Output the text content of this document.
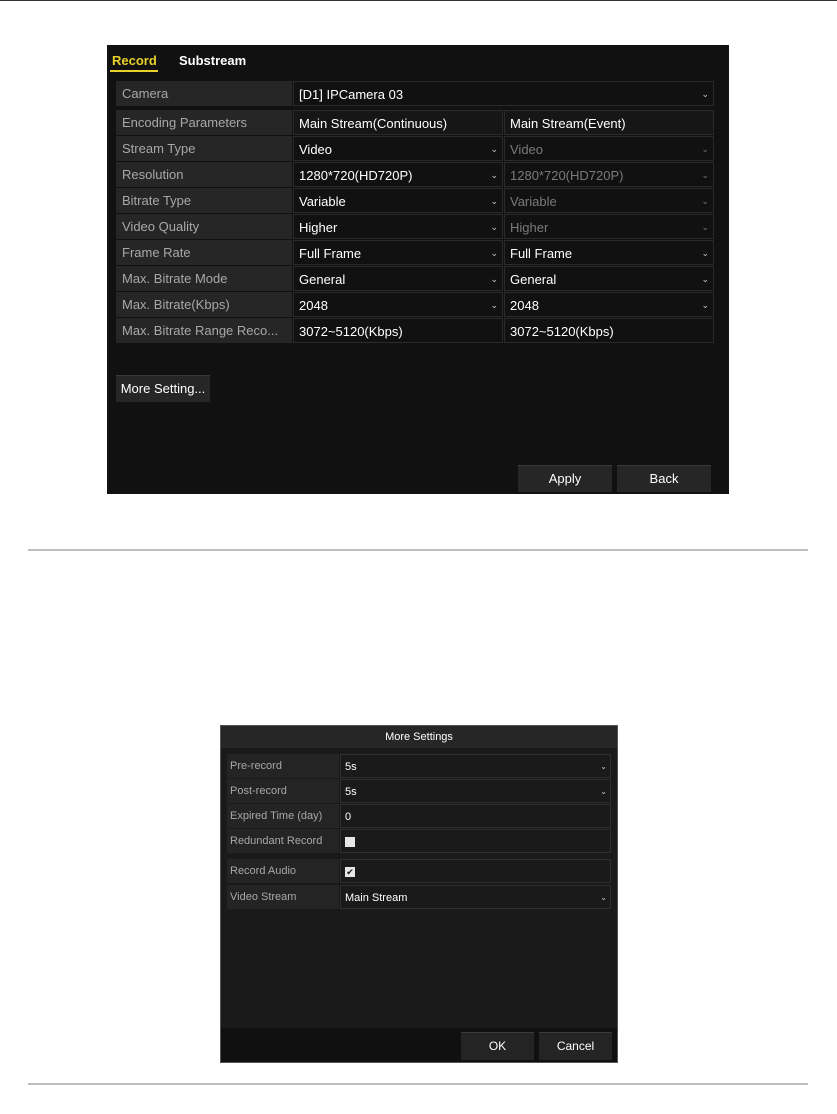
Record Substream
Camera	[D1] IPCamera 03	⌄
Encoding Parameters	Main Stream(Continuous)	Main Stream(Event)
Stream Type	Video	⌄ Video	⌄
Resolution	1280*720(HD720P)	⌄ 1280*720(HD720P)	⌄
Bitrate Type	Variable	⌄ Variable	⌄
Video Quality	Higher	⌄ Higher	⌄
Frame Rate	Full Frame	⌄ Full Frame	⌄
Max. Bitrate Mode	General	⌄ General	⌄
Max. Bitrate(Kbps)	2048	⌄ 2048	⌄
Max. Bitrate Range Reco...	3072~5120(Kbps)	3072~5120(Kbps)
More Setting...
Apply	Back
More Settings
Pre-record	5s	⌄
Post-record	5s	⌄
Expired Time (day)	0
Redundant Record
Record Audio	✔
Video Stream	Main Stream	⌄
OK	Cancel
